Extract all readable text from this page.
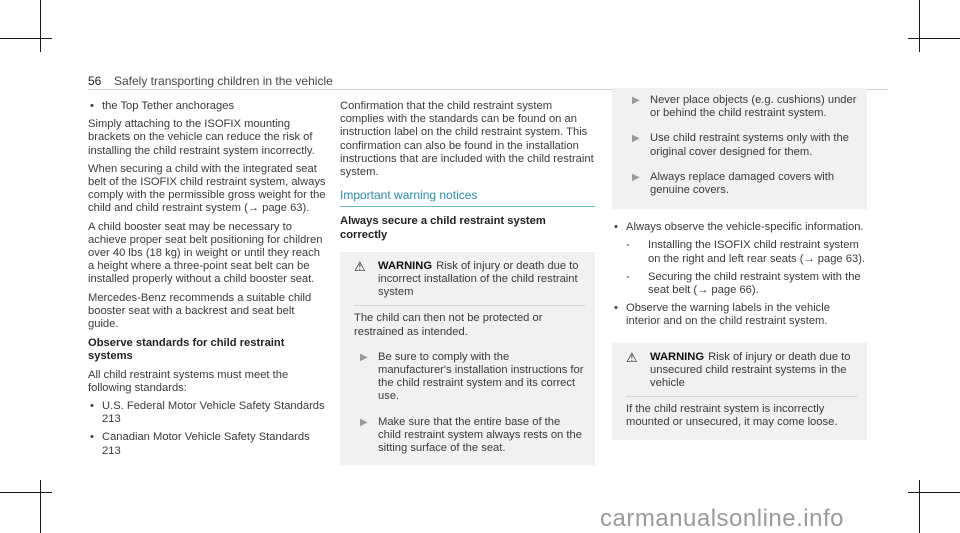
56 Safely transporting children in the vehicle
• the Top Tether anchorages

Simply attaching to the ISOFIX mounting brackets on the vehicle can reduce the risk of installing the child restraint system incorrectly.

When securing a child with the integrated seat belt of the ISOFIX child restraint system, always comply with the permissible gross weight for the child and child restraint system (→ page 63).

A child booster seat may be necessary to achieve proper seat belt positioning for children over 40 lbs (18 kg) in weight or until they reach a height where a three-point seat belt can be installed properly without a child booster seat.

Mercedes-Benz recommends a suitable child booster seat with a backrest and seat belt guide.

Observe standards for child restraint systems

All child restraint systems must meet the following standards:

• U.S. Federal Motor Vehicle Safety Standards 213
• Canadian Motor Vehicle Safety Standards 213

Confirmation that the child restraint system complies with the standards can be found on an instruction label on the child restraint system. This confirmation can also be found in the installation instructions that are included with the child restraint system.

Important warning notices
Always secure a child restraint system correctly
⚠ WARNING Risk of injury or death due to incorrect installation of the child restraint system

The child can then not be protected or restrained as intended.

▶ Be sure to comply with the manufacturer's installation instructions for the child restraint system and its correct use.
▶ Make sure that the entire base of the child restraint system always rests on the sitting surface of the seat.
▶ Never place objects (e.g. cushions) under or behind the child restraint system.
▶ Use child restraint systems only with the original cover designed for them.
▶ Always replace damaged covers with genuine covers.
• Always observe the vehicle-specific information.
- Installing the ISOFIX child restraint system on the right and left rear seats (→ page 63).
- Securing the child restraint system with the seat belt (→ page 66).
• Observe the warning labels in the vehicle interior and on the child restraint system.
⚠ WARNING Risk of injury or death due to unsecured child restraint systems in the vehicle

If the child restraint system is incorrectly mounted or unsecured, it may come loose.

carmanualsonline.info
